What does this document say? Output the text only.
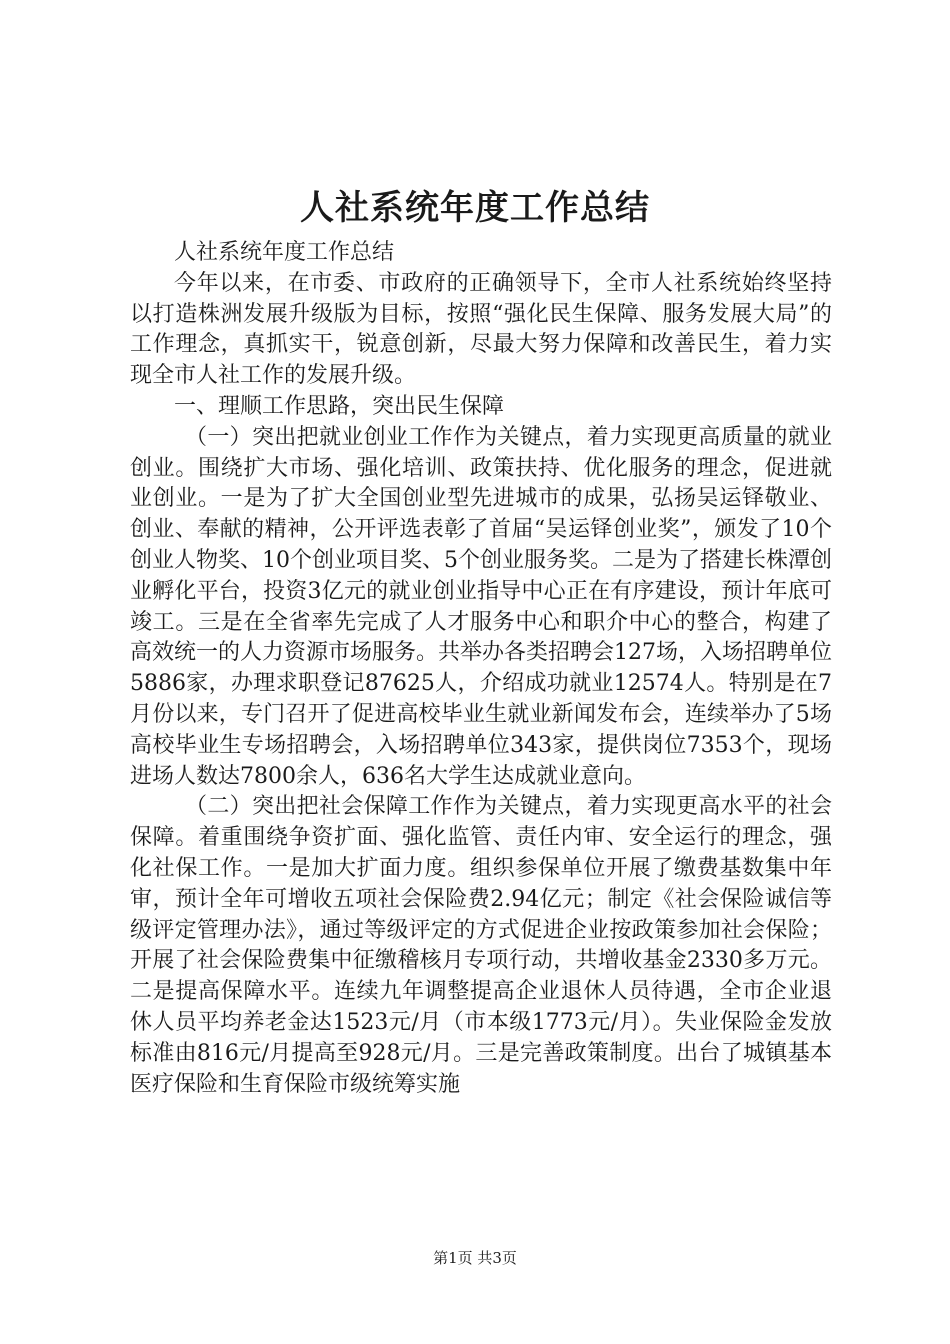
人社系统年度工作总结

人社系统年度工作总结

今年以来，在市委、市政府的正确领导下，全市人社系统始终坚持以打造株洲发展升级版为目标，按照“强化民生保障、服务发展大局”的工作理念，真抓实干，锐意创新，尽最大努力保障和改善民生，着力实现全市人社工作的发展升级。

一、理顺工作思路，突出民生保障

（一）突出把就业创业工作作为关键点，着力实现更高质量的就业创业。围绕扩大市场、强化培训、政策扶持、优化服务的理念，促进就业创业。一是为了扩大全国创业型先进城市的成果，弘扬吴运铎敬业、创业、奉献的精神，公开评选表彰了首届“吴运铎创业奖”，颁发了10个创业人物奖、10个创业项目奖、5个创业服务奖。二是为了搭建长株潭创业孵化平台，投资3亿元的就业创业指导中心正在有序建设，预计年底可竣工。三是在全省率先完成了人才服务中心和职介中心的整合，构建了高效统一的人力资源市场服务。共举办各类招聘会127场，入场招聘单位5886家，办理求职登记87625人，介绍成功就业12574人。特别是在7月份以来，专门召开了促进高校毕业生就业新闻发布会，连续举办了5场高校毕业生专场招聘会，入场招聘单位343家，提供岗位7353个，现场进场人数达7800余人，636名大学生达成就业意向。

（二）突出把社会保障工作作为关键点，着力实现更高水平的社会保障。着重围绕争资扩面、强化监管、责任内审、安全运行的理念，强化社保工作。一是加大扩面力度。组织参保单位开展了缴费基数集中年审，预计全年可增收五项社会保险费2.94亿元；制定《社会保险诚信等级评定管理办法》，通过等级评定的方式促进企业按政策参加社会保险；开展了社会保险费集中征缴稽核月专项行动，共增收基金2330多万元。二是提高保障水平。连续九年调整提高企业退休人员待遇，全市企业退休人员平均养老金达1523元/月（市本级1773元/月）。失业保险金发放标准由816元/月提高至928元/月。三是完善政策制度。出台了城镇基本医疗保险和生育保险市级统筹实施

第1页 共3页
